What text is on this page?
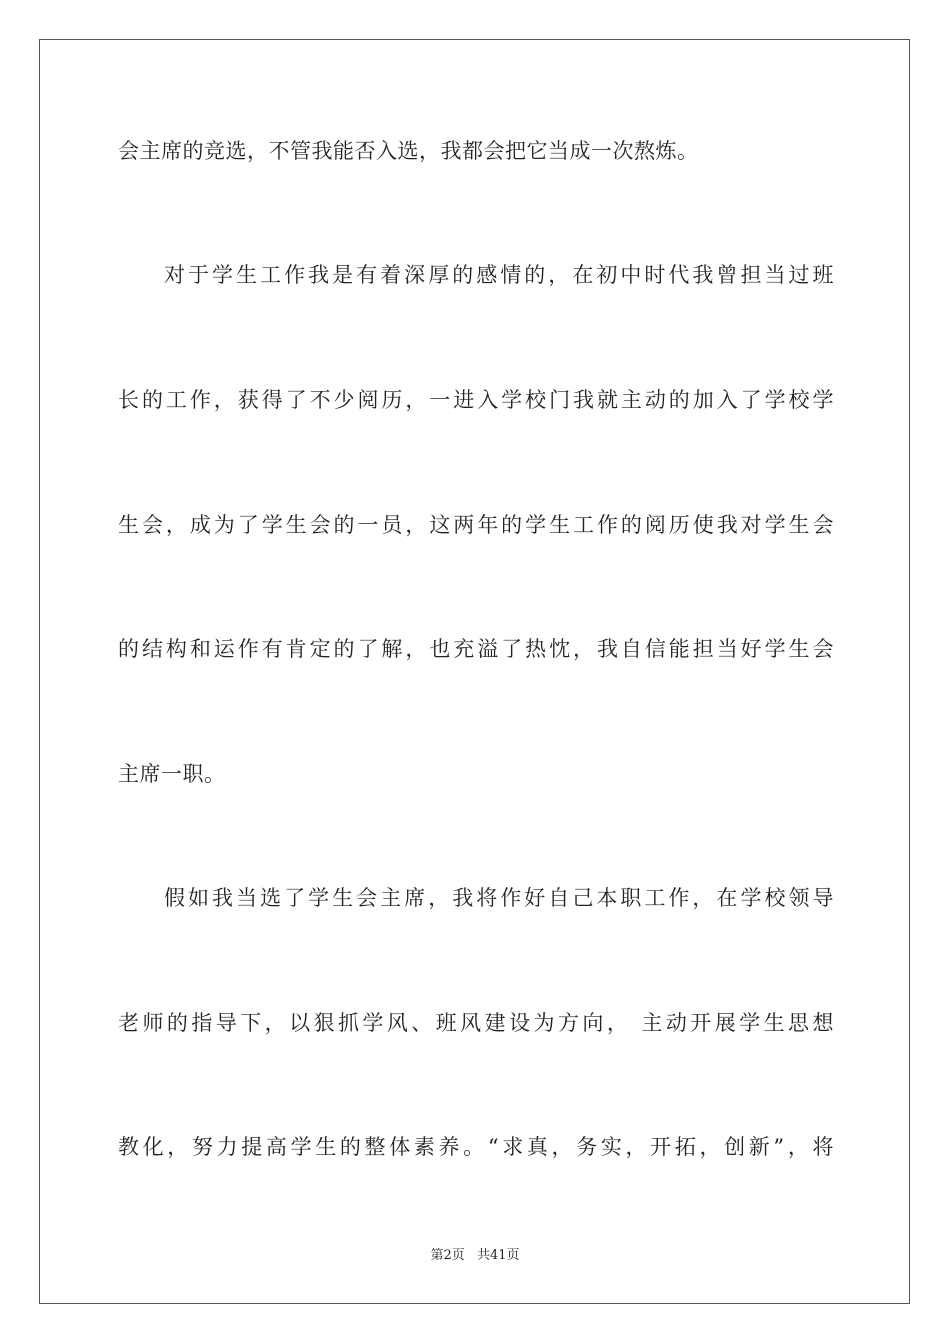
会主席的竞选，不管我能否入选，我都会把它当成一次熬炼。
对于学生工作我是有着深厚的感情的，在初中时代我曾担当过班
长的工作，获得了不少阅历，一进入学校门我就主动的加入了学校学
生会，成为了学生会的一员，这两年的学生工作的阅历使我对学生会
的结构和运作有肯定的了解，也充溢了热忱，我自信能担当好学生会
主席一职。
假如我当选了学生会主席，我将作好自己本职工作，在学校领导
老师的指导下，以狠抓学风、班风建设为方向， 主动开展学生思想
教化，努力提高学生的整体素养。“求真，务实，开拓，创新”，将
第2页 共41页
